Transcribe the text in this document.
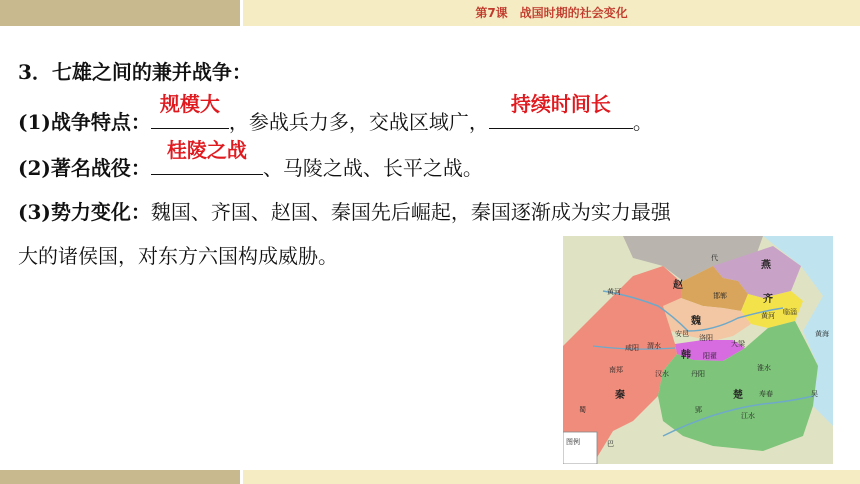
第7课　战国时期的社会变化
3．七雄之间的兼并战争：
(1)战争特点：
规模大
，参战兵力多，交战区域广，
持续时间长
。
(2)著名战役：
桂陵之战
、马陵之战、长平之战。
(3)势力变化：魏国、齐国、赵国、秦国先后崛起，秦国逐渐成为实力最强
大的诸侯国，对东方六国构成威胁。
赵
燕
齐
魏
韩
秦	楚
代
邯郸
临淄
安邑 洛阳
大梁
阳翟
咸阳
南郑	丹阳
寿春
郢
蜀
巴
吴
黄河
黄河
黄海
渭水
汉水
淮水
江水
图例
